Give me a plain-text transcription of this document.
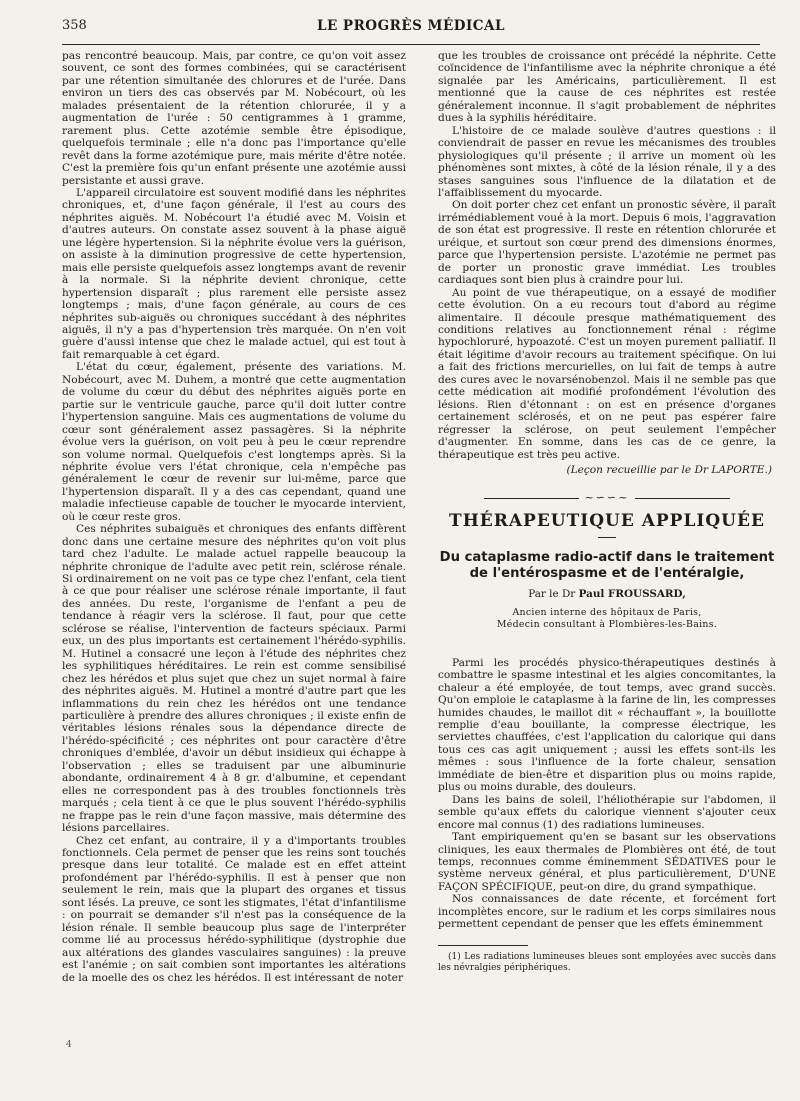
358	LE PROGRÈS MÉDICAL

pas rencontré beaucoup. Mais, par contre, ce qu'on voit assez souvent, ce sont des formes combinées, qui se caractérisent par une rétention simultanée des chlorures et de l'urée. Dans environ un tiers des cas observés par M. Nobécourt, où les malades présentaient de la rétention chlorurée, il y a augmentation de l'urée : 50 centigrammes à 1 gramme, rarement plus. Cette azotémie semble être épisodique, quelquefois terminale ; elle n'a donc pas l'importance qu'elle revêt dans la forme azotémique pure, mais mérite d'être notée. C'est la première fois qu'un enfant présente une azotémie aussi persistante et aussi grave.

L'appareil circulatoire est souvent modifié dans les néphrites chroniques, et, d'une façon générale, il l'est au cours des néphrites aiguës. M. Nobécourt l'a étudié avec M. Voisin et d'autres auteurs. On constate assez souvent à la phase aiguë une légère hypertension. Si la néphrite évolue vers la guérison, on assiste à la diminution progressive de cette hypertension, mais elle persiste quelquefois assez longtemps avant de revenir à la normale. Si la néphrite devient chronique, cette hypertension disparaît ; plus rarement elle persiste assez longtemps ; mais, d'une façon générale, au cours de ces néphrites sub-aiguës ou chroniques succédant à des néphrites aiguës, il n'y a pas d'hypertension très marquée. On n'en voit guère d'aussi intense que chez le malade actuel, qui est tout à fait remarquable à cet égard.

L'état du cœur, également, présente des variations. M. Nobécourt, avec M. Duhem, a montré que cette augmentation de volume du cœur du début des néphrites aiguës porte en partie sur le ventricule gauche, parce qu'il doit lutter contre l'hypertension sanguine. Mais ces augmentations de volume du cœur sont généralement assez passagères. Si la néphrite évolue vers la guérison, on voit peu à peu le cœur reprendre son volume normal. Quelquefois c'est longtemps après. Si la néphrite évolue vers l'état chronique, cela n'empêche pas généralement le cœur de revenir sur lui-même, parce que l'hypertension disparaît. Il y a des cas cependant, quand une maladie infectieuse capable de toucher le myocarde intervient, où le cœur reste gros.

Ces néphrites subaiguës et chroniques des enfants diffèrent donc dans une certaine mesure des néphrites qu'on voit plus tard chez l'adulte. Le malade actuel rappelle beaucoup la néphrite chronique de l'adulte avec petit rein, sclérose rénale. Si ordinairement on ne voit pas ce type chez l'enfant, cela tient à ce que pour réaliser une sclérose rénale importante, il faut des années. Du reste, l'organisme de l'enfant a peu de tendance à réagir vers la sclérose. Il faut, pour que cette sclérose se réalise, l'intervention de facteurs spéciaux. Parmi eux, un des plus importants est certainement l'hérédo-syphilis. M. Hutinel a consacré une leçon à l'étude des néphrites chez les syphilitiques héréditaires. Le rein est comme sensibilisé chez les hérédos et plus sujet que chez un sujet normal à faire des néphrites aiguës. M. Hutinel a montré d'autre part que les inflammations du rein chez les hérédos ont une tendance particulière à prendre des allures chroniques ; il existe enfin de véritables lésions rénales sous la dépendance directe de l'hérédo-spécificité ; ces néphrites ont pour caractère d'être chroniques d'emblée, d'avoir un début insidieux qui échappe à l'observation ; elles se traduisent par une albuminurie abondante, ordinairement 4 à 8 gr. d'albumine, et cependant elles ne correspondent pas à des troubles fonctionnels très marqués ; cela tient à ce que le plus souvent l'hérédo-syphilis ne frappe pas le rein d'une façon massive, mais détermine des lésions parcellaires.

Chez cet enfant, au contraire, il y a d'importants troubles fonctionnels. Cela permet de penser que les reins sont touchés presque dans leur totalité. Ce malade est en effet atteint profondément par l'hérédo-syphilis. Il est à penser que non seulement le rein, mais que la plupart des organes et tissus sont lésés. La preuve, ce sont les stigmates, l'état d'infantilisme : on pourrait se demander s'il n'est pas la conséquence de la lésion rénale. Il semble beaucoup plus sage de l'interpréter comme lié au processus hérédo-syphilitique (dystrophie due aux altérations des glandes vasculaires sanguines) : la preuve est l'anémie ; on sait combien sont importantes les altérations de la moelle des os chez les hérédos. Il est intéressant de noter

que les troubles de croissance ont précédé la néphrite. Cette coïncidence de l'infantilisme avec la néphrite chronique a été signalée par les Américains, particulièrement. Il est mentionné que la cause de ces néphrites est restée généralement inconnue. Il s'agit probablement de néphrites dues à la syphilis héréditaire.

L'histoire de ce malade soulève d'autres questions : il conviendrait de passer en revue les mécanismes des troubles physiologiques qu'il présente ; il arrive un moment où les phénomènes sont mixtes, à côté de la lésion rénale, il y a des stases sanguines sous l'influence de la dilatation et de l'affaiblissement du myocarde.

On doit porter chez cet enfant un pronostic sévère, il paraît irrémédiablement voué à la mort. Depuis 6 mois, l'aggravation de son état est progressive. Il reste en rétention chlorurée et uréique, et surtout son cœur prend des dimensions énormes, parce que l'hypertension persiste. L'azotémie ne permet pas de porter un pronostic grave immédiat. Les troubles cardiaques sont bien plus à craindre pour lui.

Au point de vue thérapeutique, on a essayé de modifier cette évolution. On a eu recours tout d'abord au régime alimentaire. Il découle presque mathématiquement des conditions relatives au fonctionnement rénal : régime hypochloruré, hypoazoté. C'est un moyen purement palliatif. Il était légitime d'avoir recours au traitement spécifique. On lui a fait des frictions mercurielles, on lui fait de temps à autre des cures avec le novarsénobenzol. Mais il ne semble pas que cette médication ait modifié profondément l'évolution des lésions. Rien d'étonnant : on est en présence d'organes certainement sclérosés, et on ne peut pas espérer faire régresser la sclérose, on peut seulement l'empêcher d'augmenter. En somme, dans les cas de ce genre, la thérapeutique est très peu active.

(Leçon recueillie par le Dr LAPORTE.)
~∽∽~
THÉRAPEUTIQUE APPLIQUÉE
Du cataplasme radio-actif dans le traitement de l'entérospasme et de l'entéralgie,
Par le Dr Paul FROUSSARD,
Ancien interne des hôpitaux de Paris,
Médecin consultant à Plombières-les-Bains.

Parmi les procédés physico-thérapeutiques destinés à combattre le spasme intestinal et les algies concomitantes, la chaleur a été employée, de tout temps, avec grand succès. Qu'on emploie le cataplasme à la farine de lin, les compresses humides chaudes, le maillot dit « réchauffant », la bouillotte remplie d'eau bouillante, la compresse électrique, les serviettes chauffées, c'est l'application du calorique qui dans tous ces cas agit uniquement ; aussi les effets sont-ils les mêmes : sous l'influence de la forte chaleur, sensation immédiate de bien-être et disparition plus ou moins rapide, plus ou moins durable, des douleurs.

Dans les bains de soleil, l'héliothérapie sur l'abdomen, il semble qu'aux effets du calorique viennent s'ajouter ceux encore mal connus (1) des radiations lumineuses.

Tant empiriquement qu'en se basant sur les observations cliniques, les eaux thermales de Plombières ont été, de tout temps, reconnues comme éminemment SÉDATIVES pour le système nerveux général, et plus particulièrement, D'UNE FAÇON SPÉCIFIQUE, peut-on dire, du grand sympathique.

Nos connaissances de date récente, et forcément fort incomplètes encore, sur le radium et les corps similaires nous permettent cependant de penser que les effets éminemment

(1) Les radiations lumineuses bleues sont employées avec succès dans les névralgies périphériques.

4
